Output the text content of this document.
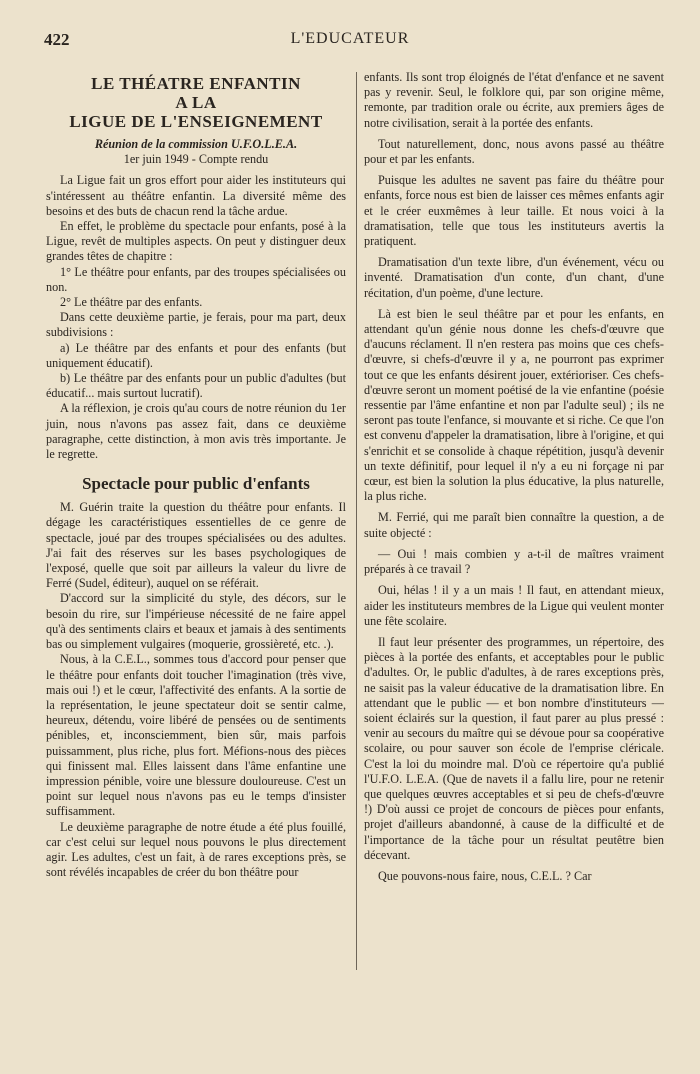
422	L'EDUCATEUR
LE THÉATRE ENFANTIN
A LA
LIGUE DE L'ENSEIGNEMENT

Réunion de la commission U.F.O.L.E.A.

1er juin 1949 - Compte rendu

La Ligue fait un gros effort pour aider les instituteurs qui s'intéressent au théâtre enfantin. La diversité même des besoins et des buts de chacun rend la tâche ardue.

En effet, le problème du spectacle pour enfants, posé à la Ligue, revêt de multiples aspects. On peut y distinguer deux grandes têtes de chapitre :

1° Le théâtre pour enfants, par des troupes spécialisées ou non.

2° Le théâtre par des enfants.

Dans cette deuxième partie, je ferais, pour ma part, deux subdivisions :

a) Le théâtre par des enfants et pour des enfants (but uniquement éducatif).

b) Le théâtre par des enfants pour un public d'adultes (but éducatif... mais surtout lucratif).

A la réflexion, je crois qu'au cours de notre réunion du 1er juin, nous n'avons pas assez fait, dans ce deuxième paragraphe, cette distinction, à mon avis très importante. Je le regrette.

Spectacle pour public d'enfants

M. Guérin traite la question du théâtre pour enfants. Il dégage les caractéristiques essentielles de ce genre de spectacle, joué par des troupes spécialisées ou des adultes. J'ai fait des réserves sur les bases psychologiques de l'exposé, quelle que soit par ailleurs la valeur du livre de Ferré (Sudel, éditeur), auquel on se référait.

D'accord sur la simplicité du style, des décors, sur le besoin du rire, sur l'impérieuse nécessité de ne faire appel qu'à des sentiments clairs et beaux et jamais à des sentiments bas ou simplement vulgaires (moquerie, grossièreté, etc. .).

Nous, à la C.E.L., sommes tous d'accord pour penser que le théâtre pour enfants doit toucher l'imagination (très vive, mais oui !) et le cœur, l'affectivité des enfants. A la sortie de la représentation, le jeune spectateur doit se sentir calme, heureux, détendu, voire libéré de pensées ou de sentiments pénibles, et, inconsciemment, bien sûr, mais parfois puissamment, plus riche, plus fort. Méfions-nous des pièces qui finissent mal. Elles laissent dans l'âme enfantine une impression pénible, voire une blessure douloureuse. C'est un point sur lequel nous n'avons pas eu le temps d'insister suffisamment.

Le deuxième paragraphe de notre étude a été plus fouillé, car c'est celui sur lequel nous pouvons le plus directement agir. Les adultes, c'est un fait, à de rares exceptions près, se sont révélés incapables de créer du bon théâtre pour

enfants. Ils sont trop éloignés de l'état d'enfance et ne savent pas y revenir. Seul, le folklore qui, par son origine même, remonte, par tradition orale ou écrite, aux premiers âges de notre civilisation, serait à la portée des enfants.

Tout naturellement, donc, nous avons passé au théâtre pour et par les enfants.

Puisque les adultes ne savent pas faire du théâtre pour enfants, force nous est bien de laisser ces mêmes enfants agir et le créer euxmêmes à leur taille. Et nous voici à la dramatisation, telle que tous les instituteurs avertis la pratiquent.

Dramatisation d'un texte libre, d'un événement, vécu ou inventé. Dramatisation d'un conte, d'un chant, d'une récitation, d'un poème, d'une lecture.

Là est bien le seul théâtre par et pour les enfants, en attendant qu'un génie nous donne les chefs-d'œuvre que d'aucuns réclament. Il n'en restera pas moins que ces chefs-d'œuvre, si chefs-d'œuvre il y a, ne pourront pas exprimer tout ce que les enfants désirent jouer, extérioriser. Ces chefs-d'œuvre seront un moment poétisé de la vie enfantine (poésie ressentie par l'âme enfantine et non par l'adulte seul) ; ils ne seront pas toute l'enfance, si mouvante et si riche. Ce que l'on est convenu d'appeler la dramatisation, libre à l'origine, et qui s'enrichit et se consolide à chaque répétition, jusqu'à devenir un texte définitif, pour lequel il n'y a eu ni forçage ni par cœur, est bien la solution la plus éducative, la plus naturelle, la plus riche.

M. Ferrié, qui me paraît bien connaître la question, a de suite objecté :

— Oui ! mais combien y a-t-il de maîtres vraiment préparés à ce travail ?

Oui, hélas ! il y a un mais ! Il faut, en attendant mieux, aider les instituteurs membres de la Ligue qui veulent monter une fête scolaire.

Il faut leur présenter des programmes, un répertoire, des pièces à la portée des enfants, et acceptables pour le public d'adultes. Or, le public d'adultes, à de rares exceptions près, ne saisit pas la valeur éducative de la dramatisation libre. En attendant que le public — et bon nombre d'instituteurs — soient éclairés sur la question, il faut parer au plus pressé : venir au secours du maître qui se dévoue pour sa coopérative scolaire, ou pour sauver son école de l'emprise cléricale. C'est la loi du moindre mal. D'où ce répertoire qu'a publié l'U.F.O. L.E.A. (Que de navets il a fallu lire, pour ne retenir que quelques œuvres acceptables et si peu de chefs-d'œuvre !) D'où aussi ce projet de concours de pièces pour enfants, projet d'ailleurs abandonné, à cause de la difficulté et de l'importance de la tâche pour un résultat peutêtre bien décevant.

Que pouvons-nous faire, nous, C.E.L. ? Car
